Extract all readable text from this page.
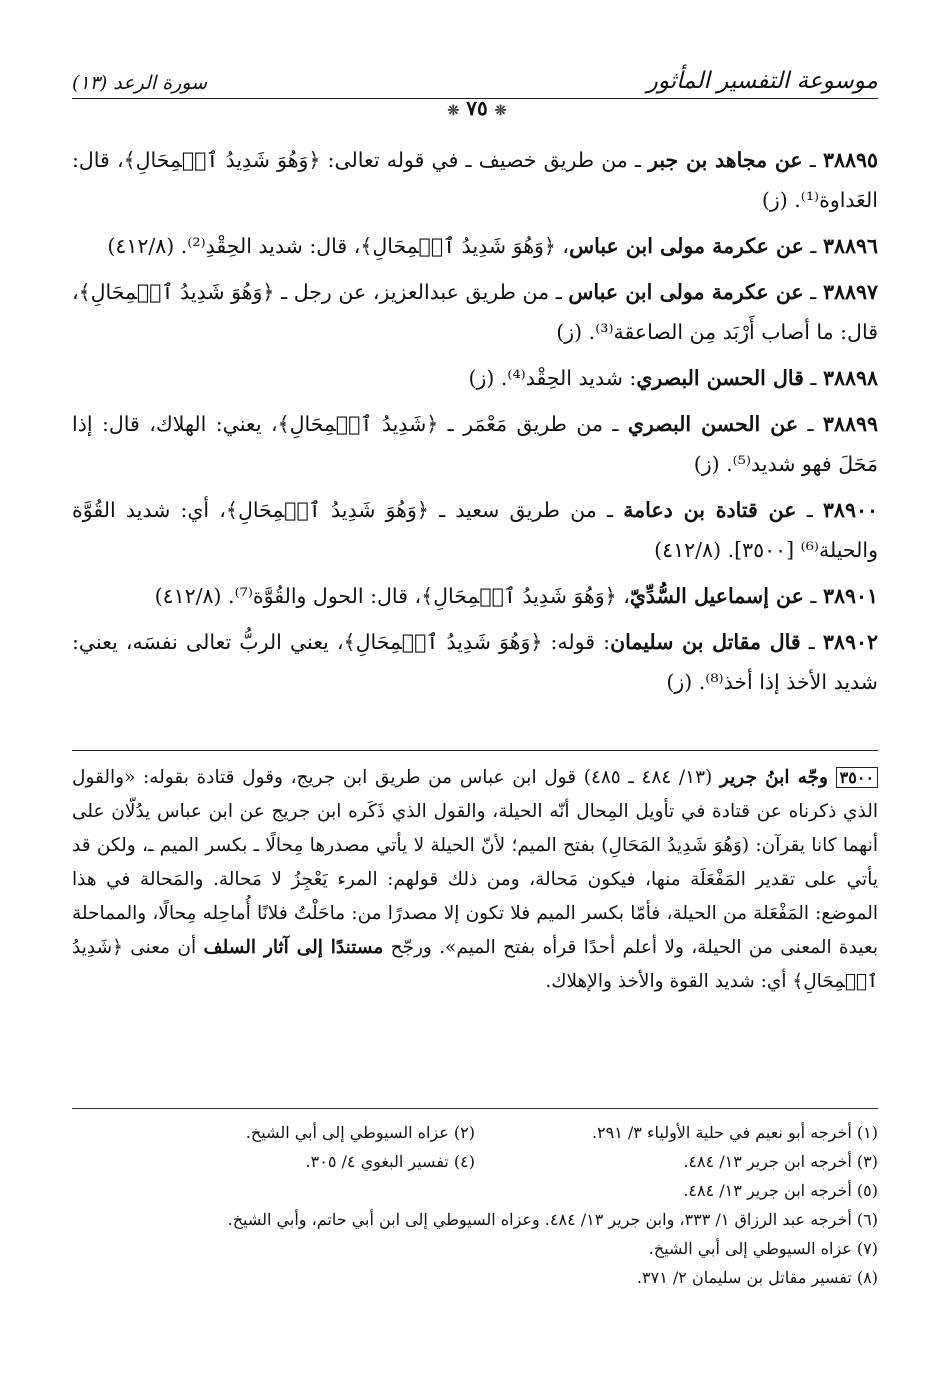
موسوعة التفسير المأثور
❊ ٧٥ ❊
سورة الرعد (١٣)

٣٨٨٩٥ ـ عن مجاهد بن جبر ـ من طريق خصيف ـ في قوله تعالى: ﴿وَهُوَ شَدِيدُ ٱلۡمِحَالِ﴾، قال: العَداوة⁽¹⁾. (ز)

٣٨٨٩٦ ـ عن عكرمة مولى ابن عباس، ﴿وَهُوَ شَدِيدُ ٱلۡمِحَالِ﴾، قال: شديد الحِقْدِ⁽²⁾. (٤١٢/٨)

٣٨٨٩٧ ـ عن عكرمة مولى ابن عباس ـ من طريق عبدالعزيز، عن رجل ـ ﴿وَهُوَ شَدِيدُ ٱلۡمِحَالِ﴾، قال: ما أصاب أَرْبَد مِن الصاعقة⁽³⁾. (ز)

٣٨٨٩٨ ـ قال الحسن البصري: شديد الحِقْد⁽⁴⁾. (ز)

٣٨٨٩٩ ـ عن الحسن البصري ـ من طريق مَعْمَر ـ ﴿شَدِيدُ ٱلۡمِحَالِ﴾، يعني: الهلاك، قال: إذا مَحَلَ فهو شديد⁽⁵⁾. (ز)

٣٨٩٠٠ ـ عن قتادة بن دعامة ـ من طريق سعيد ـ ﴿وَهُوَ شَدِيدُ ٱلۡمِحَالِ﴾، أي: شديد القُوَّة والحيلة⁽⁶⁾ [٣٥٠٠]. (٤١٢/٨)

٣٨٩٠١ ـ عن إسماعيل السُّدِّيّ، ﴿وَهُوَ شَدِيدُ ٱلۡمِحَالِ﴾، قال: الحول والقُوَّة⁽⁷⁾. (٤١٢/٨)

٣٨٩٠٢ ـ قال مقاتل بن سليمان: قوله: ﴿وَهُوَ شَدِيدُ ٱلۡمِحَالِ﴾، يعني الربُّ تعالى نفسَه، يعني: شديد الأخذ إذا أخذ⁽⁸⁾. (ز)

٣٥٠٠ وجّه ابنُ جرير (١٣/ ٤٨٤ ـ ٤٨٥) قول ابن عباس من طريق ابن جريج، وقول قتادة بقوله: «والقول الذي ذكرناه عن قتادة في تأويل المِحال أنّه الحيلة، والقول الذي ذَكَره ابن جريج عن ابن عباس يدُلّان على أنهما كانا يقرآن: (وَهُوَ شَدِيدُ المَحَالِ) بفتح الميم؛ لأنّ الحيلة لا يأتي مصدرها مِحالًا ـ بكسر الميم ـ، ولكن قد يأتي على تقدير المَفْعَلَة منها، فيكون مَحالة، ومن ذلك قولهم: المرء يَعْجِزُ لا مَحالة. والمَحالة في هذا الموضع: المَفْعَلة من الحيلة، فأمّا بكسر الميم فلا تكون إلا مصدرًا من: ماحَلْتُ فلانًا أُماحِله مِحالًا، والمماحلة بعيدة المعنى من الحيلة، ولا أعلم أحدًا قرأه بفتح الميم». ورجّح مستندًا إلى آثار السلف أن معنى ﴿شَدِيدُ ٱلۡمِحَالِ﴾ أي: شديد القوة والأخذ والإهلاك.
(١) أخرجه أبو نعيم في حلية الأولياء ٣/ ٢٩١.
(٢) عزاه السيوطي إلى أبي الشيخ.
(٣) أخرجه ابن جرير ١٣/ ٤٨٤.
(٤) تفسير البغوي ٤/ ٣٠٥.
(٥) أخرجه ابن جرير ١٣/ ٤٨٤.
(٦) أخرجه عبد الرزاق ١/ ٣٣٣، وابن جرير ١٣/ ٤٨٤. وعزاه السيوطي إلى ابن أبي حاتم، وأبي الشيخ.
(٧) عزاه السيوطي إلى أبي الشيخ.
(٨) تفسير مقاتل بن سليمان ٢/ ٣٧١.
